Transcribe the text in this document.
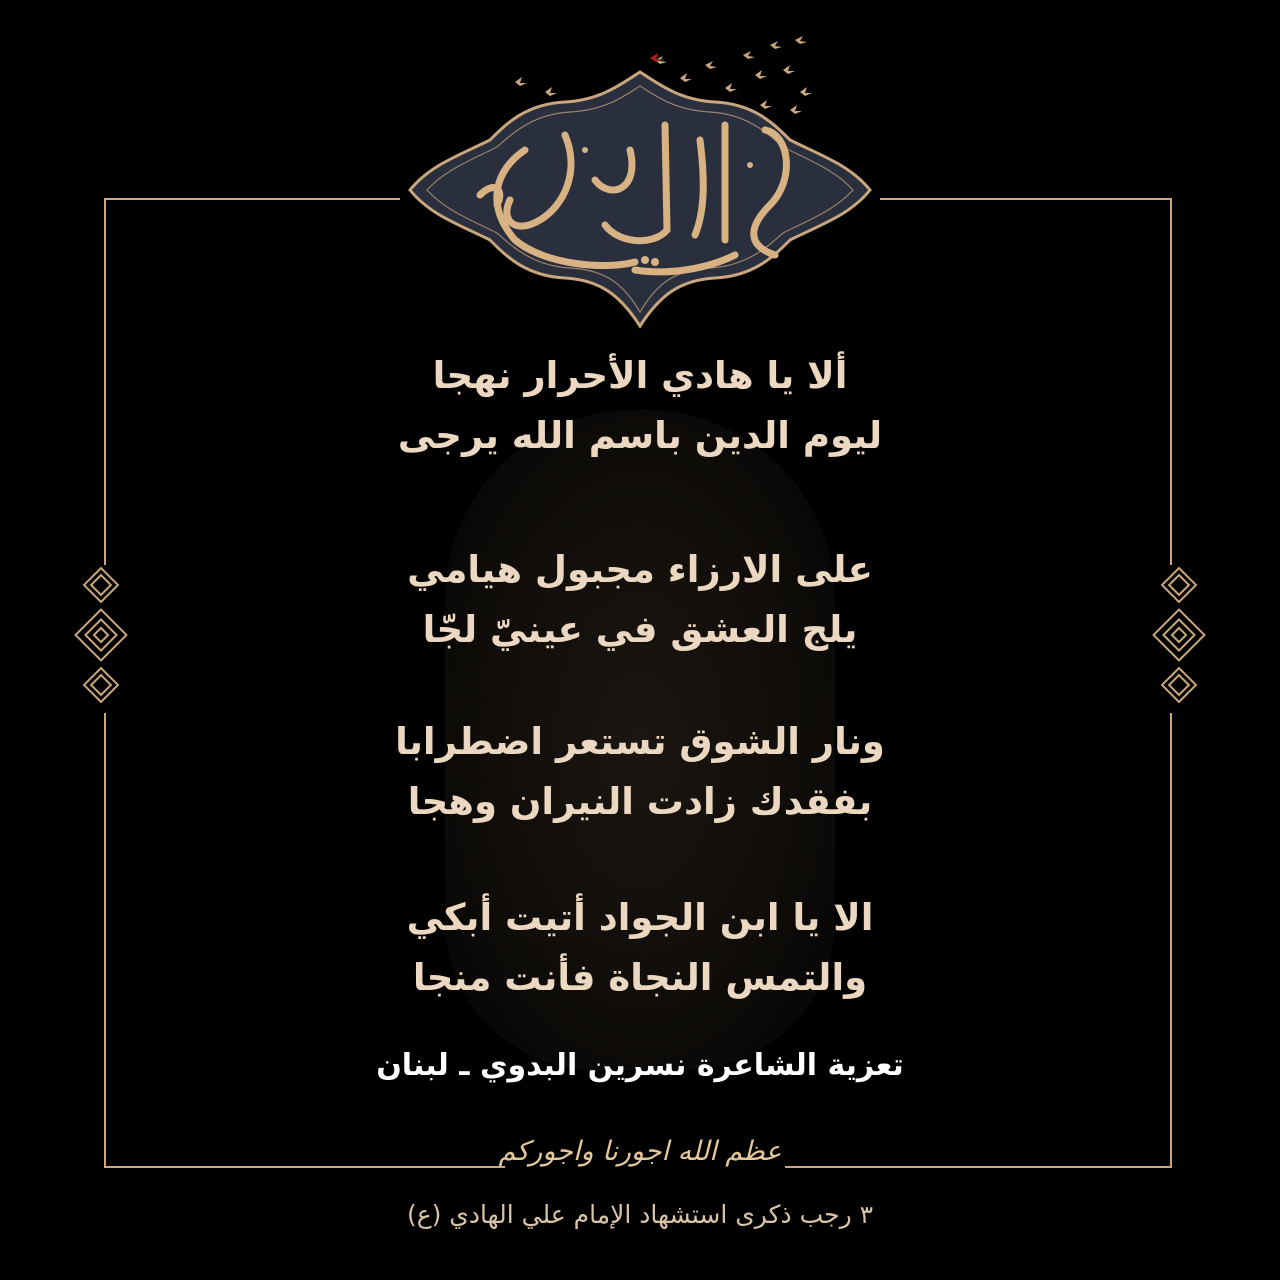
ألا يا هادي الأحرار نهجا
ليوم الدين باسم الله يرجى
على الارزاء مجبول هيامي
يلج العشق في عينيّ لجّا
ونار الشوق تستعر اضطرابا
بفقدك زادت النيران وهجا
الا يا ابن الجواد أتيت أبكي
والتمس النجاة فأنت منجا
تعزية الشاعرة نسرين البدوي ـ لبنان
عظم الله اجورنا واجوركم
٣ رجب ذكرى استشهاد الإمام علي الهادي (ع)
